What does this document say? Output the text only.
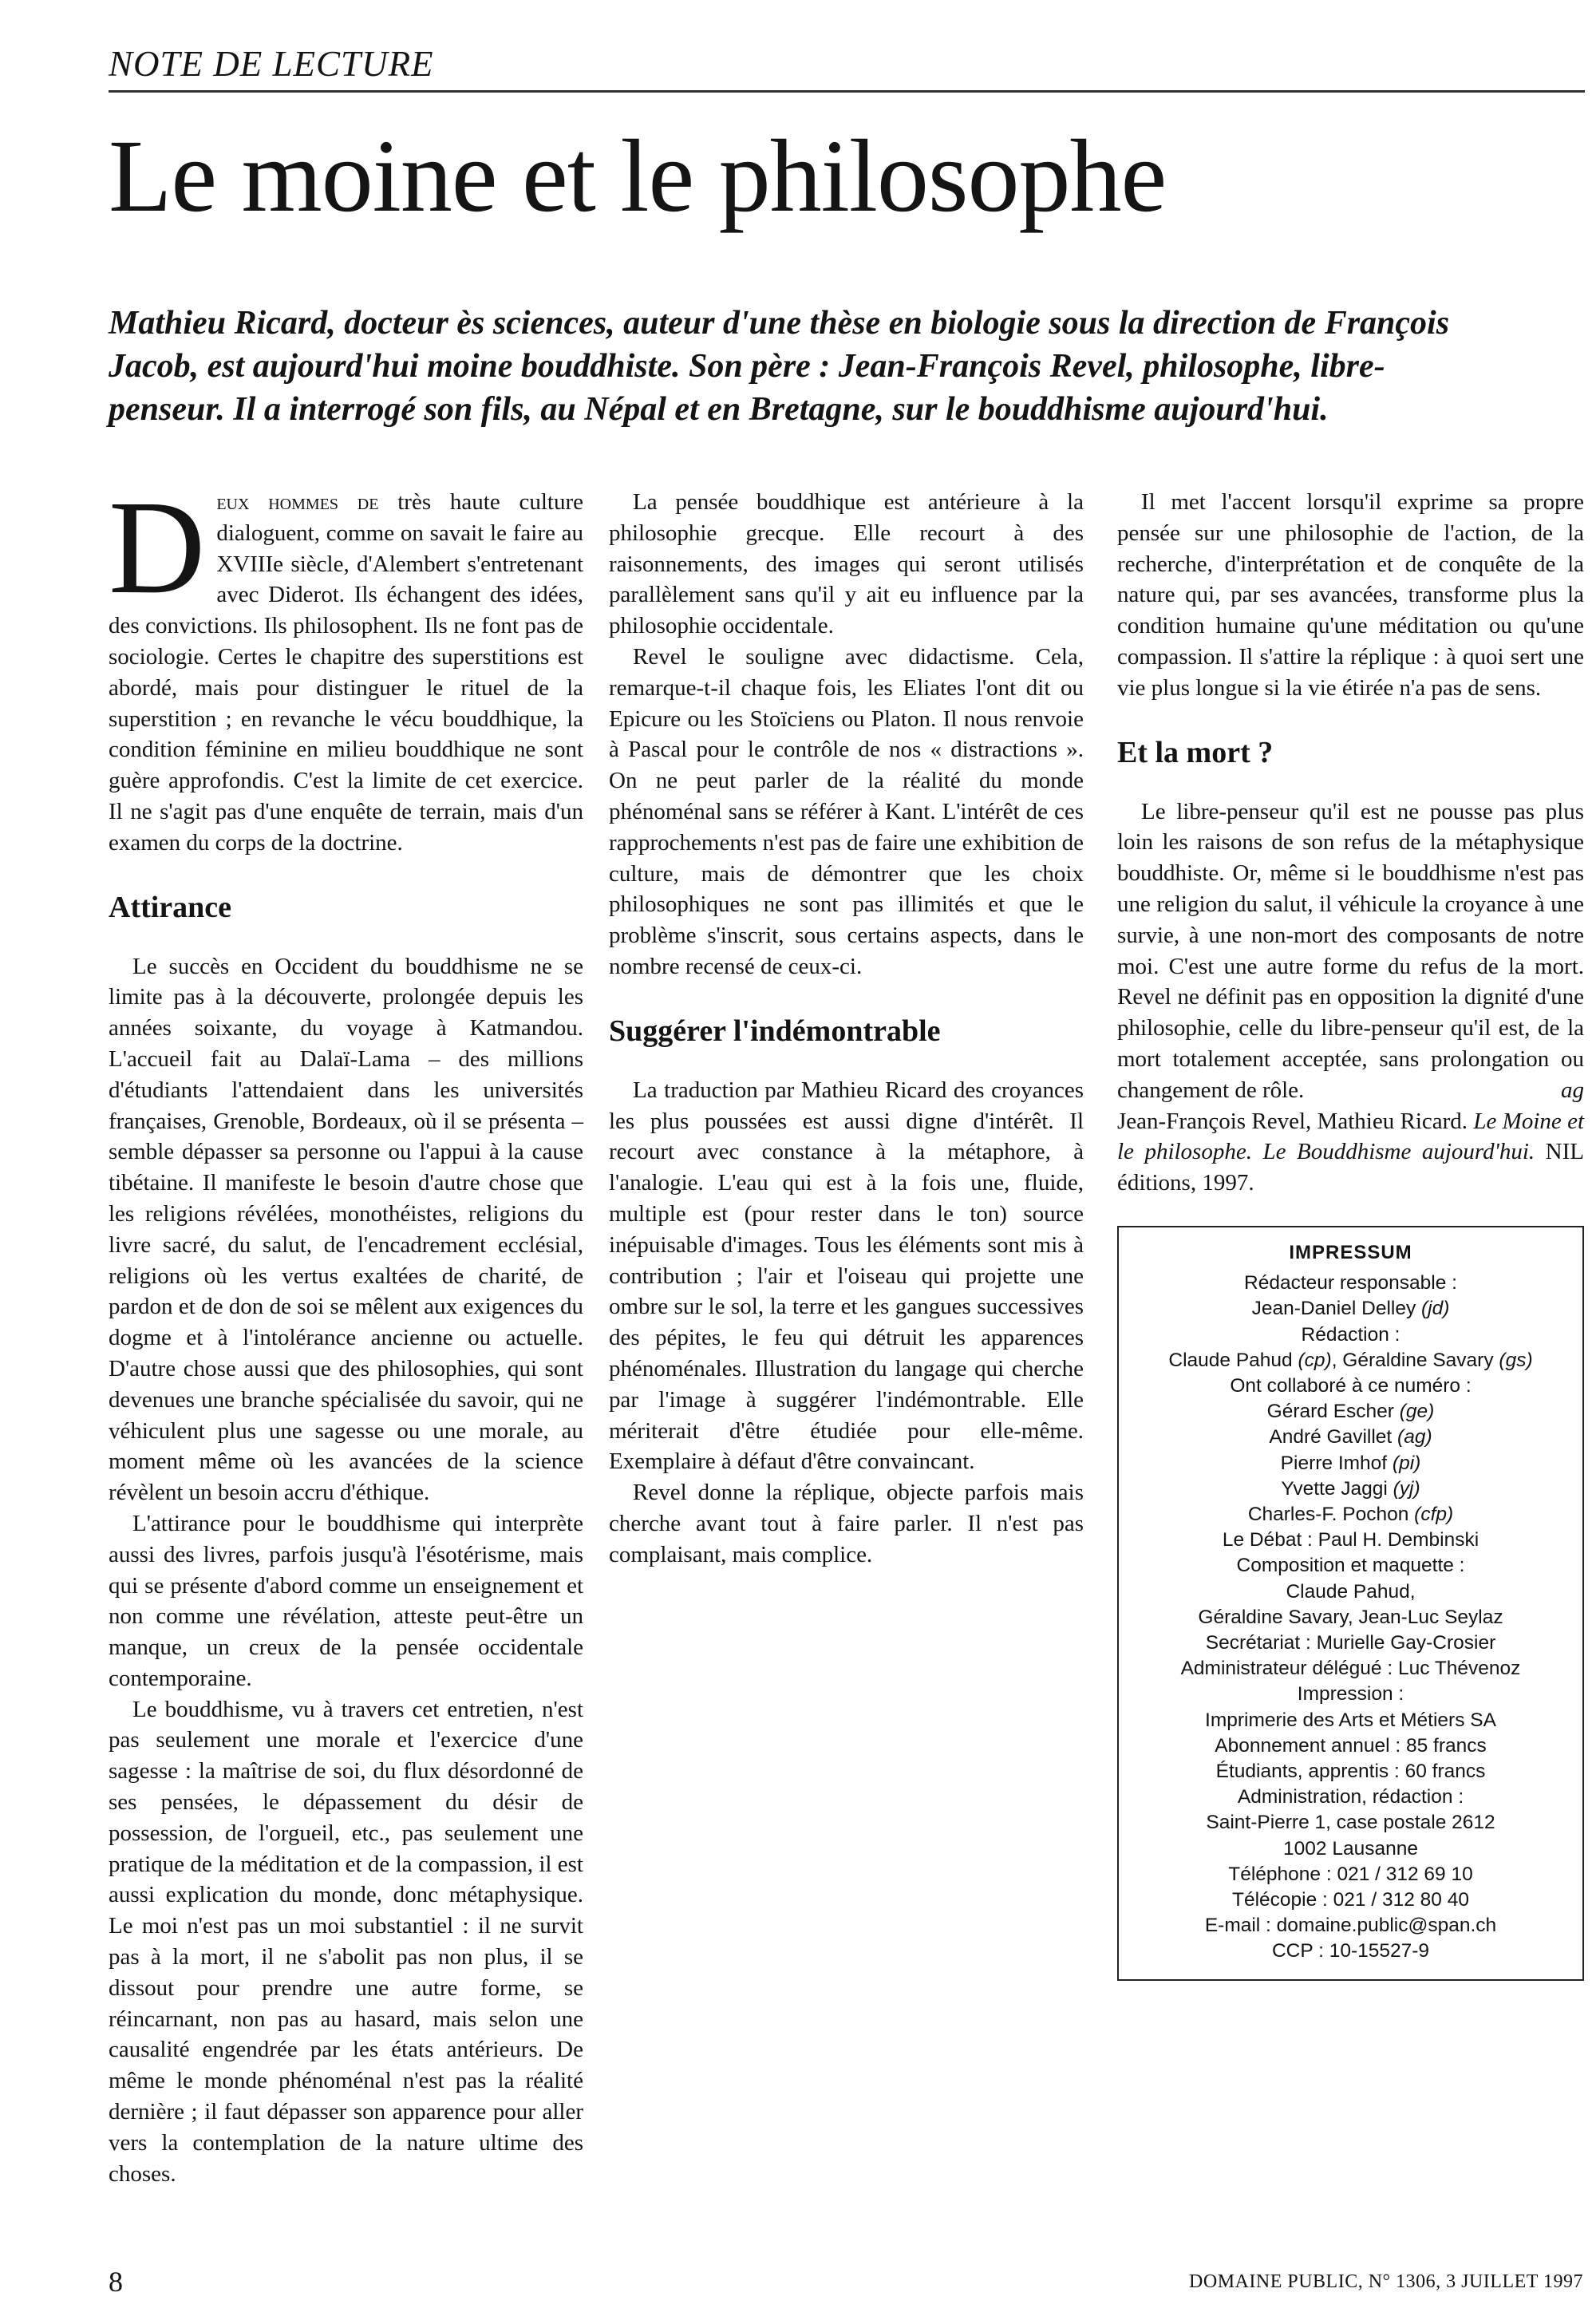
NOTE DE LECTURE
Le moine et le philosophe

Mathieu Ricard, docteur ès sciences, auteur d'une thèse en biologie sous la direction de François Jacob, est aujourd'hui moine bouddhiste. Son père : Jean-François Revel, philosophe, libre-penseur. Il a interrogé son fils, au Népal et en Bretagne, sur le bouddhisme aujourd'hui.

Deux hommes de très haute culture dialoguent, comme on savait le faire au XVIIIe siècle, d'Alembert s'entretenant avec Diderot. Ils échangent des idées, des convictions. Ils philosophent. Ils ne font pas de sociologie. Certes le chapitre des superstitions est abordé, mais pour distinguer le rituel de la superstition ; en revanche le vécu bouddhique, la condition féminine en milieu bouddhique ne sont guère approfondis. C'est la limite de cet exercice. Il ne s'agit pas d'une enquête de terrain, mais d'un examen du corps de la doctrine.

Attirance

Le succès en Occident du bouddhisme ne se limite pas à la découverte, prolongée depuis les années soixante, du voyage à Katmandou. L'accueil fait au Dalaï-Lama – des millions d'étudiants l'attendaient dans les universités françaises, Grenoble, Bordeaux, où il se présenta – semble dépasser sa personne ou l'appui à la cause tibétaine. Il manifeste le besoin d'autre chose que les religions révélées, monothéistes, religions du livre sacré, du salut, de l'encadrement ecclésial, religions où les vertus exaltées de charité, de pardon et de don de soi se mêlent aux exigences du dogme et à l'intolérance ancienne ou actuelle. D'autre chose aussi que des philosophies, qui sont devenues une branche spécialisée du savoir, qui ne véhiculent plus une sagesse ou une morale, au moment même où les avancées de la science révèlent un besoin accru d'éthique.

L'attirance pour le bouddhisme qui interprète aussi des livres, parfois jusqu'à l'ésotérisme, mais qui se présente d'abord comme un enseignement et non comme une révélation, atteste peut-être un manque, un creux de la pensée occidentale contemporaine.

Le bouddhisme, vu à travers cet entretien, n'est pas seulement une morale et l'exercice d'une sagesse : la maîtrise de soi, du flux désordonné de ses pensées, le dépassement du désir de possession, de l'orgueil, etc., pas seulement une pratique de la méditation et de la compassion, il est aussi explication du monde, donc métaphysique. Le moi n'est pas un moi substantiel : il ne survit pas à la mort, il ne s'abolit pas non plus, il se dissout pour prendre une autre forme, se réincarnant, non pas au hasard, mais selon une causalité engendrée par les états antérieurs. De même le monde phénoménal n'est pas la réalité dernière ; il faut dépasser son apparence pour aller vers la contemplation de la nature ultime des choses.

La pensée bouddhique est antérieure à la philosophie grecque. Elle recourt à des raisonnements, des images qui seront utilisés parallèlement sans qu'il y ait eu influence par la philosophie occidentale.

Revel le souligne avec didactisme. Cela, remarque-t-il chaque fois, les Eliates l'ont dit ou Epicure ou les Stoïciens ou Platon. Il nous renvoie à Pascal pour le contrôle de nos « distractions ». On ne peut parler de la réalité du monde phénoménal sans se référer à Kant. L'intérêt de ces rapprochements n'est pas de faire une exhibition de culture, mais de démontrer que les choix philosophiques ne sont pas illimités et que le problème s'inscrit, sous certains aspects, dans le nombre recensé de ceux-ci.

Suggérer l'indémontrable

La traduction par Mathieu Ricard des croyances les plus poussées est aussi digne d'intérêt. Il recourt avec constance à la métaphore, à l'analogie. L'eau qui est à la fois une, fluide, multiple est (pour rester dans le ton) source inépuisable d'images. Tous les éléments sont mis à contribution ; l'air et l'oiseau qui projette une ombre sur le sol, la terre et les gangues successives des pépites, le feu qui détruit les apparences phénoménales. Illustration du langage qui cherche par l'image à suggérer l'indémontrable. Elle mériterait d'être étudiée pour elle-même. Exemplaire à défaut d'être convaincant.

Revel donne la réplique, objecte parfois mais cherche avant tout à faire parler. Il n'est pas complaisant, mais complice.

Il met l'accent lorsqu'il exprime sa propre pensée sur une philosophie de l'action, de la recherche, d'interprétation et de conquête de la nature qui, par ses avancées, transforme plus la condition humaine qu'une méditation ou qu'une compassion. Il s'attire la réplique : à quoi sert une vie plus longue si la vie étirée n'a pas de sens.

Et la mort ?

Le libre-penseur qu'il est ne pousse pas plus loin les raisons de son refus de la métaphysique bouddhiste. Or, même si le bouddhisme n'est pas une religion du salut, il véhicule la croyance à une survie, à une non-mort des composants de notre moi. C'est une autre forme du refus de la mort. Revel ne définit pas en opposition la dignité d'une philosophie, celle du libre-penseur qu'il est, de la mort totalement acceptée, sans prolongation ou changement de rôle.	ag

Jean-François Revel, Mathieu Ricard. Le Moine et le philosophe. Le Bouddhisme aujourd'hui. NIL éditions, 1997.

IMPRESSUM
Rédacteur responsable :
Jean-Daniel Delley (jd)
Rédaction :
Claude Pahud (cp), Géraldine Savary (gs)
Ont collaboré à ce numéro :
Gérard Escher (ge)
André Gavillet (ag)
Pierre Imhof (pi)
Yvette Jaggi (yj)
Charles-F. Pochon (cfp)
Le Débat : Paul H. Dembinski
Composition et maquette :
Claude Pahud,
Géraldine Savary, Jean-Luc Seylaz
Secrétariat : Murielle Gay-Crosier
Administrateur délégué : Luc Thévenoz
Impression :
Imprimerie des Arts et Métiers SA
Abonnement annuel : 85 francs
Étudiants, apprentis : 60 francs
Administration, rédaction :
Saint-Pierre 1, case postale 2612
1002 Lausanne
Téléphone : 021 / 312 69 10
Télécopie : 021 / 312 80 40
E-mail : domaine.public@span.ch
CCP : 10-15527-9
8	DOMAINE PUBLIC, N° 1306, 3 JUILLET 1997
